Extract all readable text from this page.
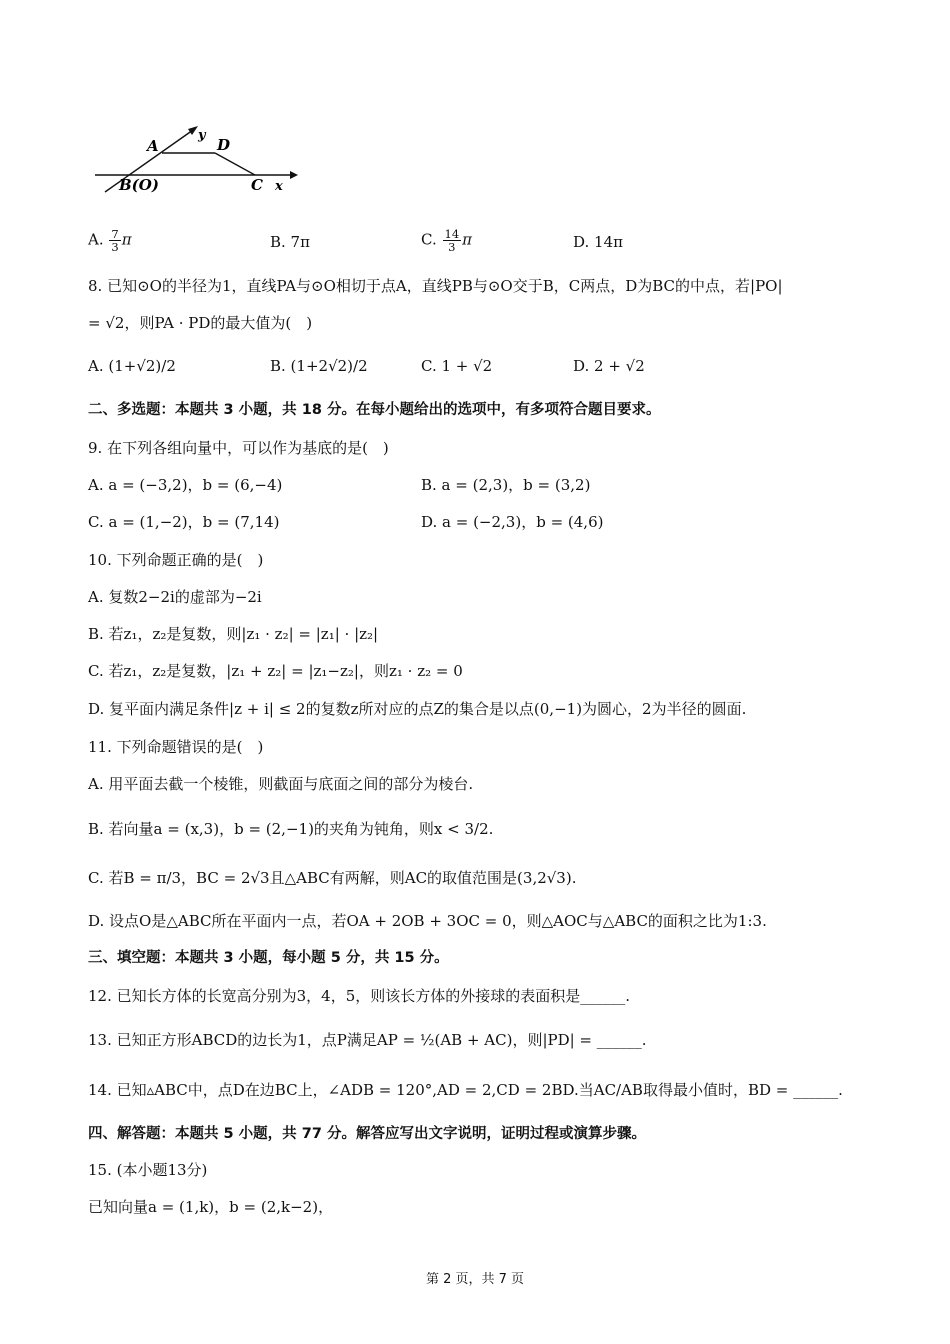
A
y
D
B(O)	C x
A. $\frac{7}{3}$ π	B. 7π	C. $\frac{14}{3}$ π	D. 14π
8. 已知⊙O的半径为1，直线PA与⊙O相切于点A，直线PB与⊙O交于B，C两点，D为BC的中点，若|PO|
= √2，则PA · PD的最大值为(　)
A. (1+√2)/2	B. (1+2√2)/2	C. 1 + √2	D. 2 + √2
二、多选题：本题共 3 小题，共 18 分。在每小题给出的选项中，有多项符合题目要求。
9. 在下列各组向量中，可以作为基底的是(　)
A. a = (−3,2)，b = (6,−4)	B. a = (2,3)，b = (3,2)
C. a = (1,−2)，b = (7,14)	D. a = (−2,3)，b = (4,6)
10. 下列命题正确的是(　)
A. 复数2−2i的虚部为−2i
B. 若z₁，z₂是复数，则|z₁ · z₂| = |z₁| · |z₂|
C. 若z₁，z₂是复数，|z₁ + z₂| = |z₁−z₂|，则z₁ · z₂ = 0
D. 复平面内满足条件|z + i| ≤ 2的复数z所对应的点Z的集合是以点(0,−1)为圆心，2为半径的圆面.
11. 下列命题错误的是(　)
A. 用平面去截一个棱锥，则截面与底面之间的部分为棱台.
B. 若向量a = (x,3)，b = (2,−1)的夹角为钝角，则x < 3/2.
C. 若B = π/3，BC = 2√3且△ABC有两解，则AC的取值范围是(3,2√3).
D. 设点O是△ABC所在平面内一点，若OA + 2OB + 3OC = 0，则△AOC与△ABC的面积之比为1:3.
三、填空题：本题共 3 小题，每小题 5 分，共 15 分。
12. 已知长方体的长宽高分别为3，4，5，则该长方体的外接球的表面积是______.
13. 已知正方形ABCD的边长为1，点P满足AP = ½(AB + AC)，则|PD| = ______.
14. 已知▵ABC中，点D在边BC上，∠ADB = 120°,AD = 2,CD = 2BD.当AC/AB取得最小值时，BD = ______.
四、解答题：本题共 5 小题，共 77 分。解答应写出文字说明，证明过程或演算步骤。
15. (本小题13分)
已知向量a = (1,k)，b = (2,k−2)，
第 2 页，共 7 页
